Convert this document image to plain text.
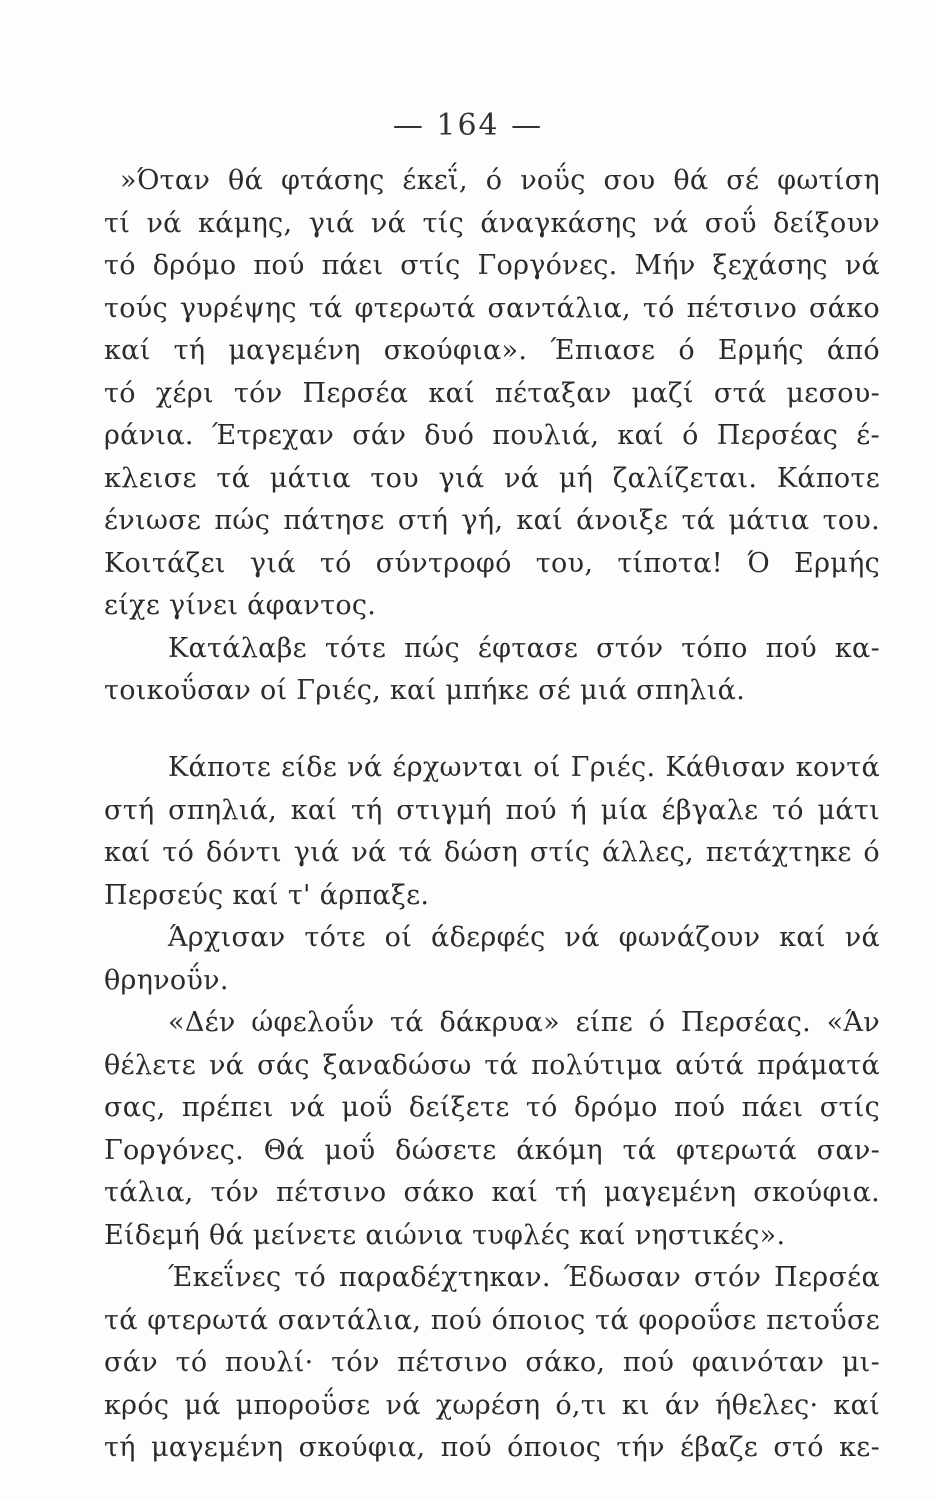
— 164 —
»Όταν θά φτάσης έκεΐ, ό νοΰς σου θά σέ φωτίση
τί νά κάμης, γιά νά τίς άναγκάσης νά σοΰ δείξουν
τό δρόμο πού πάει στίς Γοργόνες. Μήν ξεχάσης νά
τούς γυρέψης τά φτερωτά σαντάλια, τό πέτσινο σάκο
καί τή μαγεμένη σκούφια». Έπιασε ό Ερμής άπό
τό χέρι τόν Περσέα καί πέταξαν μαζί στά μεσου-
ράνια. Έτρεχαν σάν δυό πουλιά, καί ό Περσέας έ-
κλεισε τά μάτια του γιά νά μή ζαλίζεται. Κάποτε
ένιωσε πώς πάτησε στή γή, καί άνοιξε τά μάτια του.
Κοιτάζει γιά τό σύντροφό του, τίποτα! Ό Ερμής
είχε γίνει άφαντος.
Κατάλαβε τότε πώς έφτασε στόν τόπο πού κα-
τοικοΰσαν οί Γριές, καί μπήκε σέ μιά σπηλιά.
Κάποτε είδε νά έρχωνται οί Γριές. Κάθισαν κοντά
στή σπηλιά, καί τή στιγμή πού ή μία έβγαλε τό μάτι
καί τό δόντι γιά νά τά δώση στίς άλλες, πετάχτηκε ό
Περσεύς καί τ' άρπαξε.
Άρχισαν τότε οί άδερφές νά φωνάζουν καί νά
θρηνοΰν.
«Δέν ώφελοΰν τά δάκρυα» είπε ό Περσέας. «Άν
θέλετε νά σάς ξαναδώσω τά πολύτιμα αύτά πράματά
σας, πρέπει νά μοΰ δείξετε τό δρόμο πού πάει στίς
Γοργόνες. Θά μοΰ δώσετε άκόμη τά φτερωτά σαν-
τάλια, τόν πέτσινο σάκο καί τή μαγεμένη σκούφια.
Είδεμή θά μείνετε αιώνια τυφλές καί νηστικές».
Έκεΐνες τό παραδέχτηκαν. Έδωσαν στόν Περσέα
τά φτερωτά σαντάλια, πού όποιος τά φοροΰσε πετοΰσε
σάν τό πουλί· τόν πέτσινο σάκο, πού φαινόταν μι-
κρός μά μποροΰσε νά χωρέση ό,τι κι άν ήθελες· καί
τή μαγεμένη σκούφια, πού όποιος τήν έβαζε στό κε-
